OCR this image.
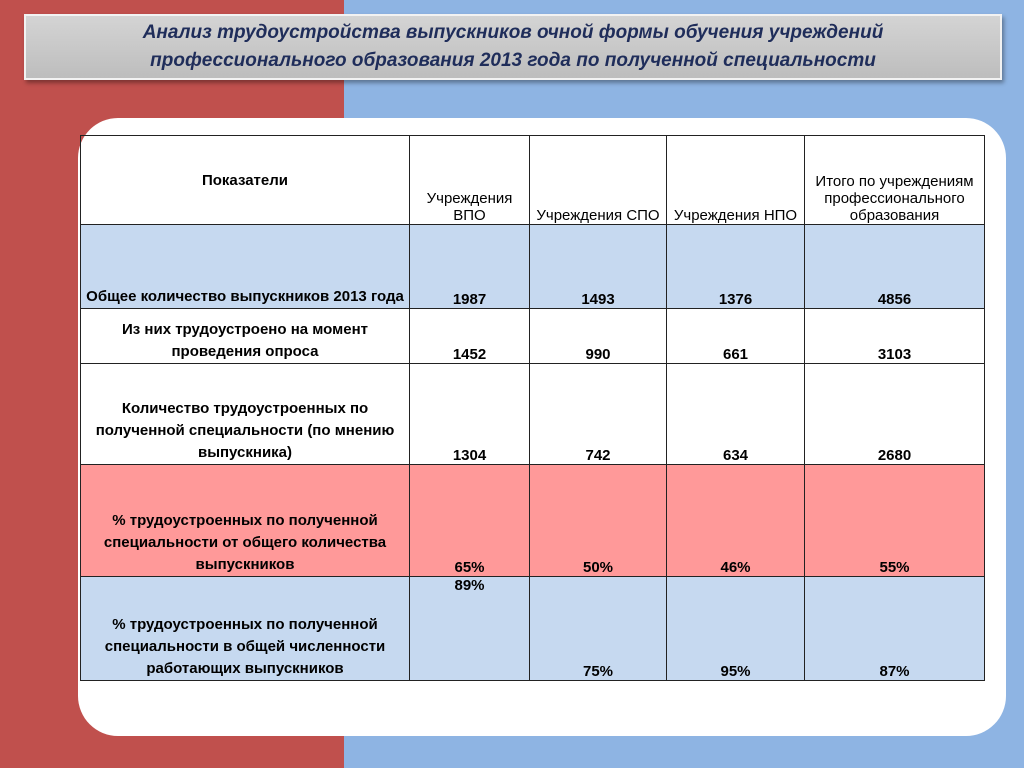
Анализ трудоустройства выпускников очной формы обучения учреждений
профессионального образования 2013 года по полученной специальности
Показатели	Учреждения ВПО	Учреждения СПО	Учреждения НПО	Итого по учреждениям профессионального образования
Общее количество выпускников 2013 года	1987	1493	1376	4856
Из них трудоустроено на момент проведения опроса	1452	990	661	3103
Количество трудоустроенных по полученной специальности (по мнению выпускника)	1304	742	634	2680
% трудоустроенных по полученной специальности от общего количества выпускников	65%	50%	46%	55%
% трудоустроенных по полученной специальности в общей численности работающих выпускников	89%	75%	95%	87%
